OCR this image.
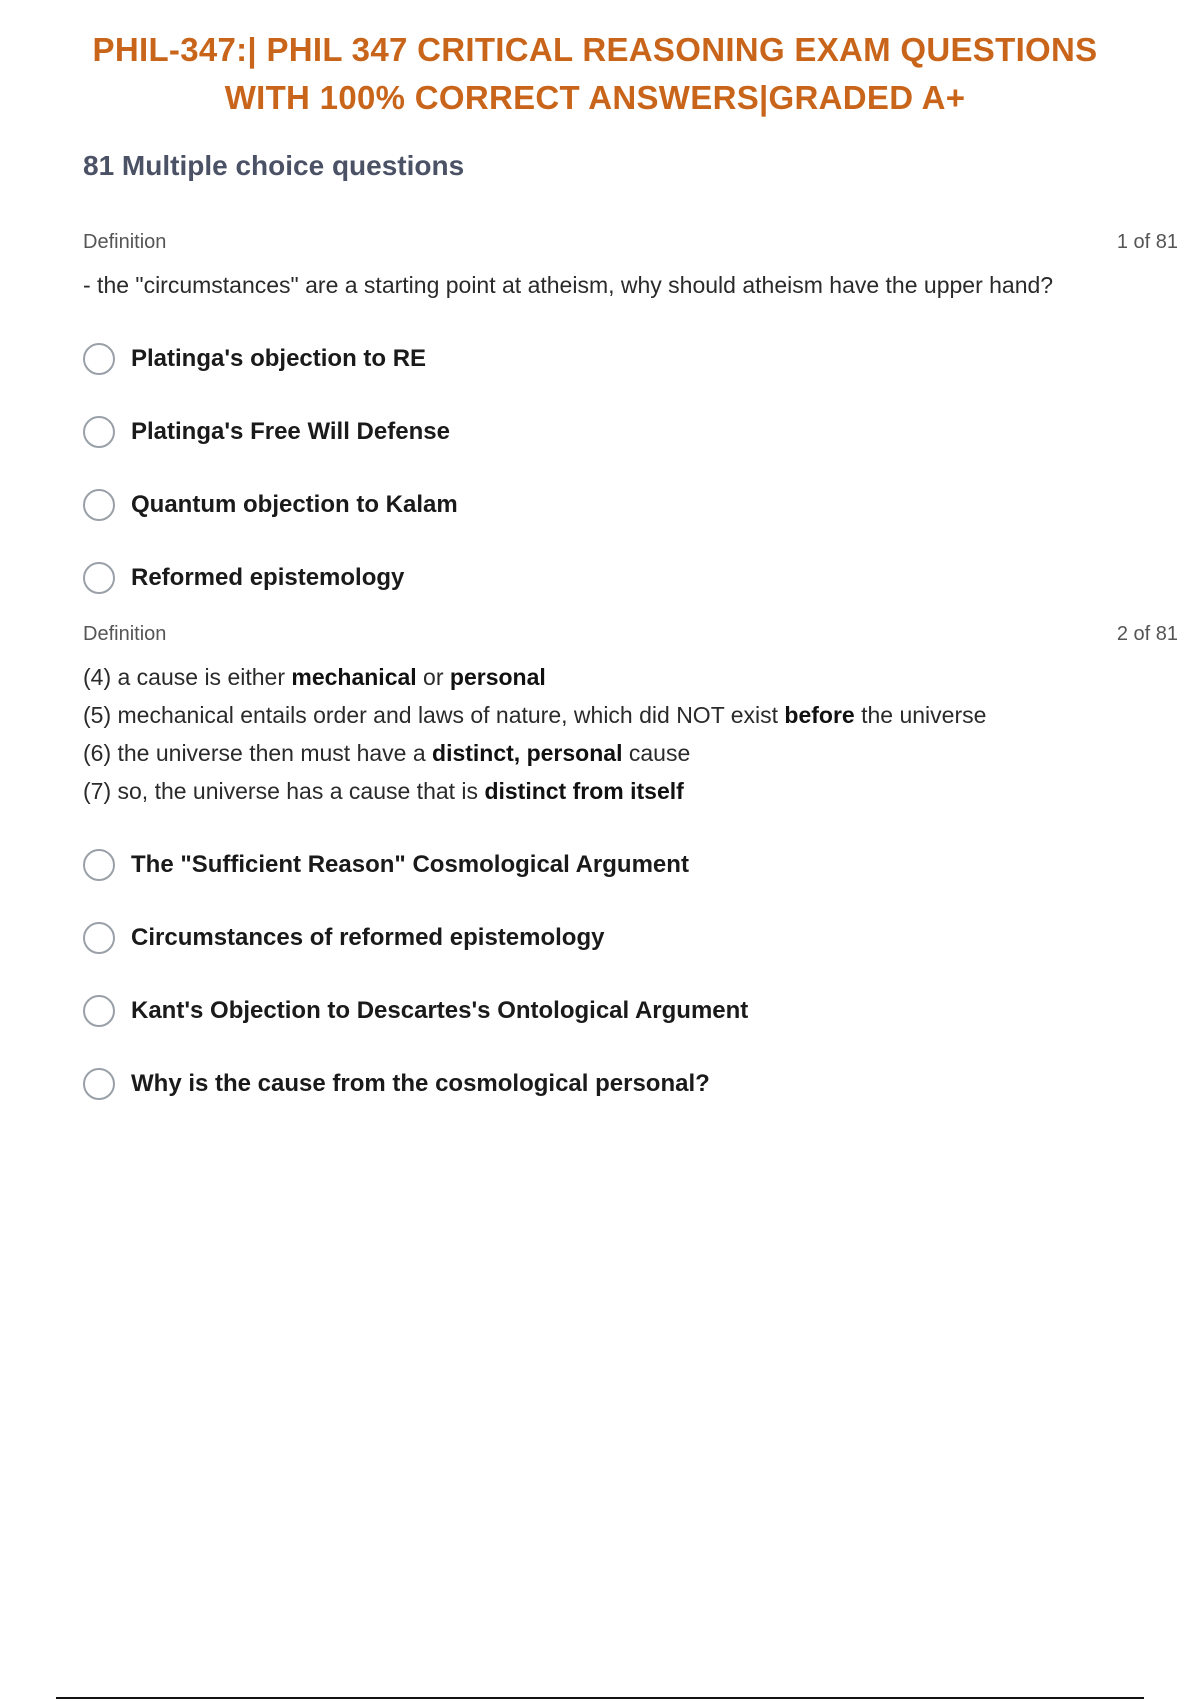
PHIL-347:| PHIL 347 CRITICAL REASONING EXAM QUESTIONS
WITH 100% CORRECT ANSWERS|GRADED A+
81 Multiple choice questions
Definition	1 of 81
- the "circumstances" are a starting point at atheism, why should atheism have the upper hand?
Platinga's objection to RE
Platinga's Free Will Defense
Quantum objection to Kalam
Reformed epistemology
Definition	2 of 81
(4) a cause is either mechanical or personal
(5) mechanical entails order and laws of nature, which did NOT exist before the universe
(6) the universe then must have a distinct, personal cause
(7) so, the universe has a cause that is distinct from itself
The "Sufficient Reason" Cosmological Argument
Circumstances of reformed epistemology
Kant's Objection to Descartes's Ontological Argument
Why is the cause from the cosmological personal?
